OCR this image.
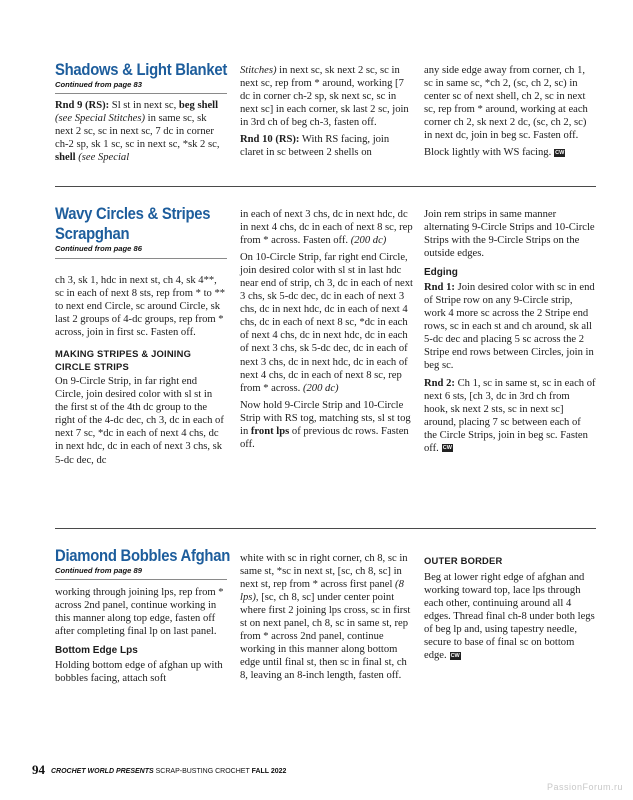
Shadows & Light Blanket
Continued from page 83

Rnd 9 (RS): Sl st in next sc, beg shell (see Special Stitches) in same sc, sk next 2 sc, sc in next sc, 7 dc in corner ch-2 sp, sk 1 sc, sc in next sc, *sk 2 sc, shell (see Special

Stitches) in next sc, sk next 2 sc, sc in next sc, rep from * around, working [7 dc in corner ch-2 sp, sk next sc, sc in next sc] in each corner, sk last 2 sc, join in 3rd ch of beg ch-3, fasten off.

Rnd 10 (RS): With RS facing, join claret in sc between 2 shells on

any side edge away from corner, ch 1, sc in same sc, *ch 2, (sc, ch 2, sc) in center sc of next shell, ch 2, sc in next sc, rep from * around, working at each corner ch 2, sk next 2 dc, (sc, ch 2, sc) in next dc, join in beg sc. Fasten off.

Block lightly with WS facing. CW

Wavy Circles & Stripes
Scrapghan
Continued from page 86

ch 3, sk 1, hdc in next st, ch 4, sk 4**, sc in each of next 8 sts, rep from * to ** to next end Circle, sc around Circle, sk last 2 groups of 4-dc groups, rep from * across, join in first sc. Fasten off.

MAKING STRIPES & JOINING
CIRCLE STRIPS

On 9-Circle Strip, in far right end Circle, join desired color with sl st in the first st of the 4th dc group to the right of the 4-dc dec, ch 3, dc in each of next 7 sc, *dc in each of next 4 chs, dc in next hdc, dc in each of next 3 chs, sk 5-dc dec, dc

in each of next 3 chs, dc in next hdc, dc in next 4 chs, dc in each of next 8 sc, rep from * across. Fasten off. (200 dc)

On 10-Circle Strip, far right end Circle, join desired color with sl st in last hdc near end of strip, ch 3, dc in each of next 3 chs, sk 5-dc dec, dc in each of next 3 chs, dc in next hdc, dc in each of next 4 chs, dc in each of next 8 sc, *dc in each of next 4 chs, dc in next hdc, dc in each of next 3 chs, sk 5-dc dec, dc in each of next 3 chs, dc in next hdc, dc in each of next 4 chs, dc in each of next 8 sc, rep from * across. (200 dc)

Now hold 9-Circle Strip and 10-Circle Strip with RS tog, matching sts, sl st tog in front lps of previous dc rows. Fasten off.

Join rem strips in same manner alternating 9-Circle Strips and 10-Circle Strips with the 9-Circle Strips on the outside edges.

Edging

Rnd 1: Join desired color with sc in end of Stripe row on any 9-Circle strip, work 4 more sc across the 2 Stripe end rows, sc in each st and ch around, sk all 5-dc dec and placing 5 sc across the 2 Stripe end rows between Circles, join in beg sc.

Rnd 2: Ch 1, sc in same st, sc in each of next 6 sts, [ch 3, dc in 3rd ch from hook, sk next 2 sts, sc in next sc] around, placing 7 sc between each of the Circle Strips, join in beg sc. Fasten off. CW

Diamond Bobbles Afghan
Continued from page 89

working through joining lps, rep from * across 2nd panel, continue working in this manner along top edge, fasten off after completing final lp on last panel.

Bottom Edge Lps

Holding bottom edge of afghan up with bobbles facing, attach soft

white with sc in right corner, ch 8, sc in same st, *sc in next st, [sc, ch 8, sc] in next st, rep from * across first panel (8 lps), [sc, ch 8, sc] under center point where first 2 joining lps cross, sc in first st on next panel, ch 8, sc in same st, rep from * across 2nd panel, continue working in this manner along bottom edge until final st, then sc in final st, ch 8, leaving an 8-inch length, fasten off.

OUTER BORDER

Beg at lower right edge of afghan and working toward top, lace lps through each other, continuing around all 4 edges. Thread final ch-8 under both legs of beg lp and, using tapestry needle, secure to base of final sc on bottom edge. CW

94 CROCHET WORLD PRESENTS SCRAP-BUSTING CROCHET FALL 2022
PassionForum.ru
